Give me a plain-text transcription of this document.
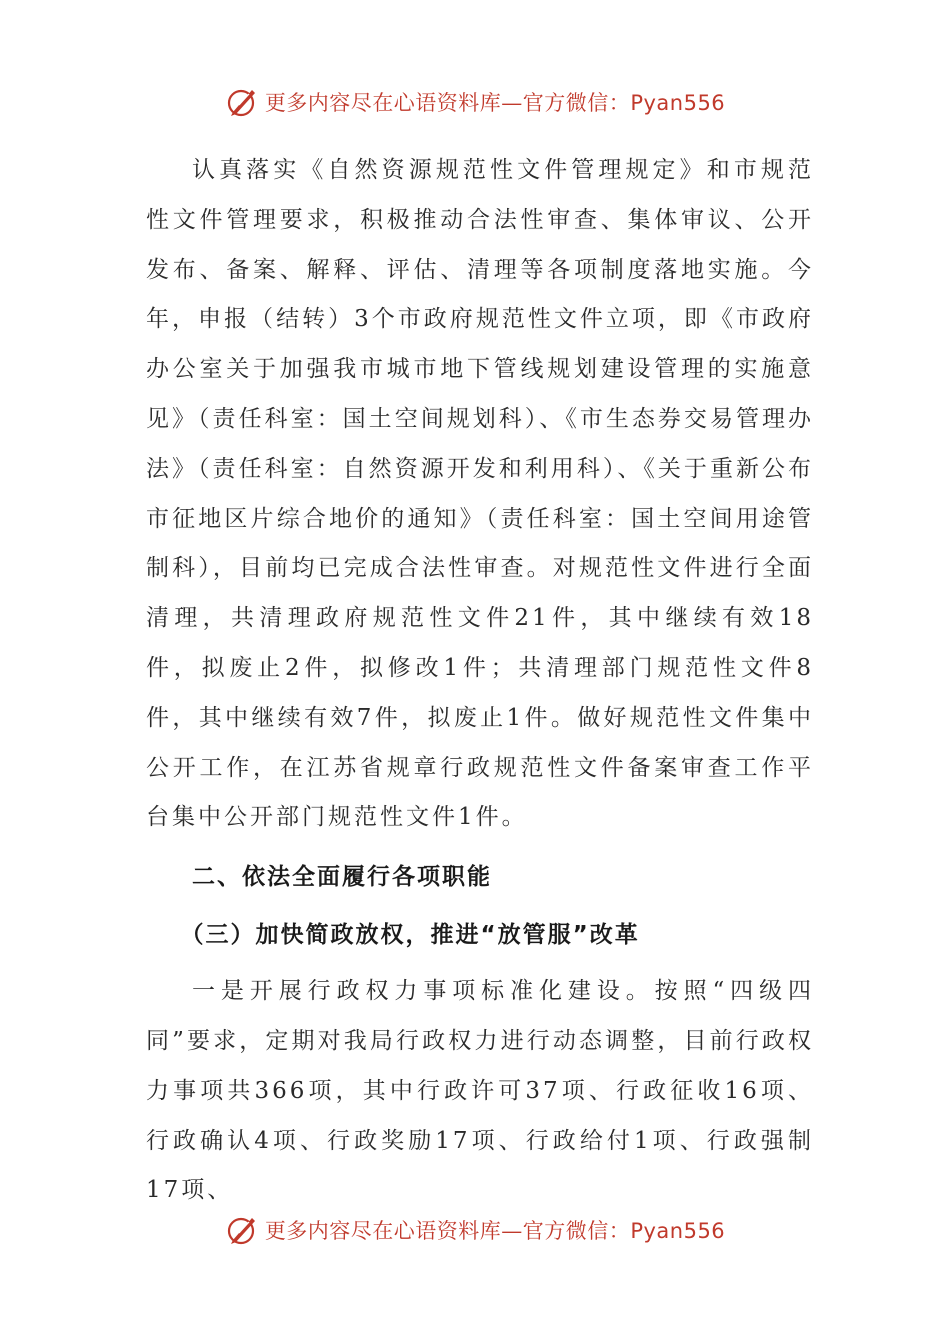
更多内容尽在心语资料库—官方微信：Pyan556

认真落实《自然资源规范性文件管理规定》和市规范性文件管理要求，积极推动合法性审查、集体审议、公开发布、备案、解释、评估、清理等各项制度落地实施。今年，申报（结转）3个市政府规范性文件立项，即《市政府办公室关于加强我市城市地下管线规划建设管理的实施意见》（责任科室：国土空间规划科）、《市生态券交易管理办法》（责任科室：自然资源开发和利用科）、《关于重新公布市征地区片综合地价的通知》（责任科室：国土空间用途管制科），目前均已完成合法性审查。对规范性文件进行全面清理，共清理政府规范性文件21件，其中继续有效18件，拟废止2件，拟修改1件；共清理部门规范性文件8件，其中继续有效7件，拟废止1件。做好规范性文件集中公开工作，在江苏省规章行政规范性文件备案审查工作平台集中公开部门规范性文件1件。

二、依法全面履行各项职能

（三）加快简政放权，推进“放管服”改革

一是开展行政权力事项标准化建设。按照“四级四同”要求，定期对我局行政权力进行动态调整，目前行政权力事项共366项，其中行政许可37项、行政征收16项、行政确认4项、行政奖励17项、行政给付1项、行政强制17项、

更多内容尽在心语资料库—官方微信：Pyan556
